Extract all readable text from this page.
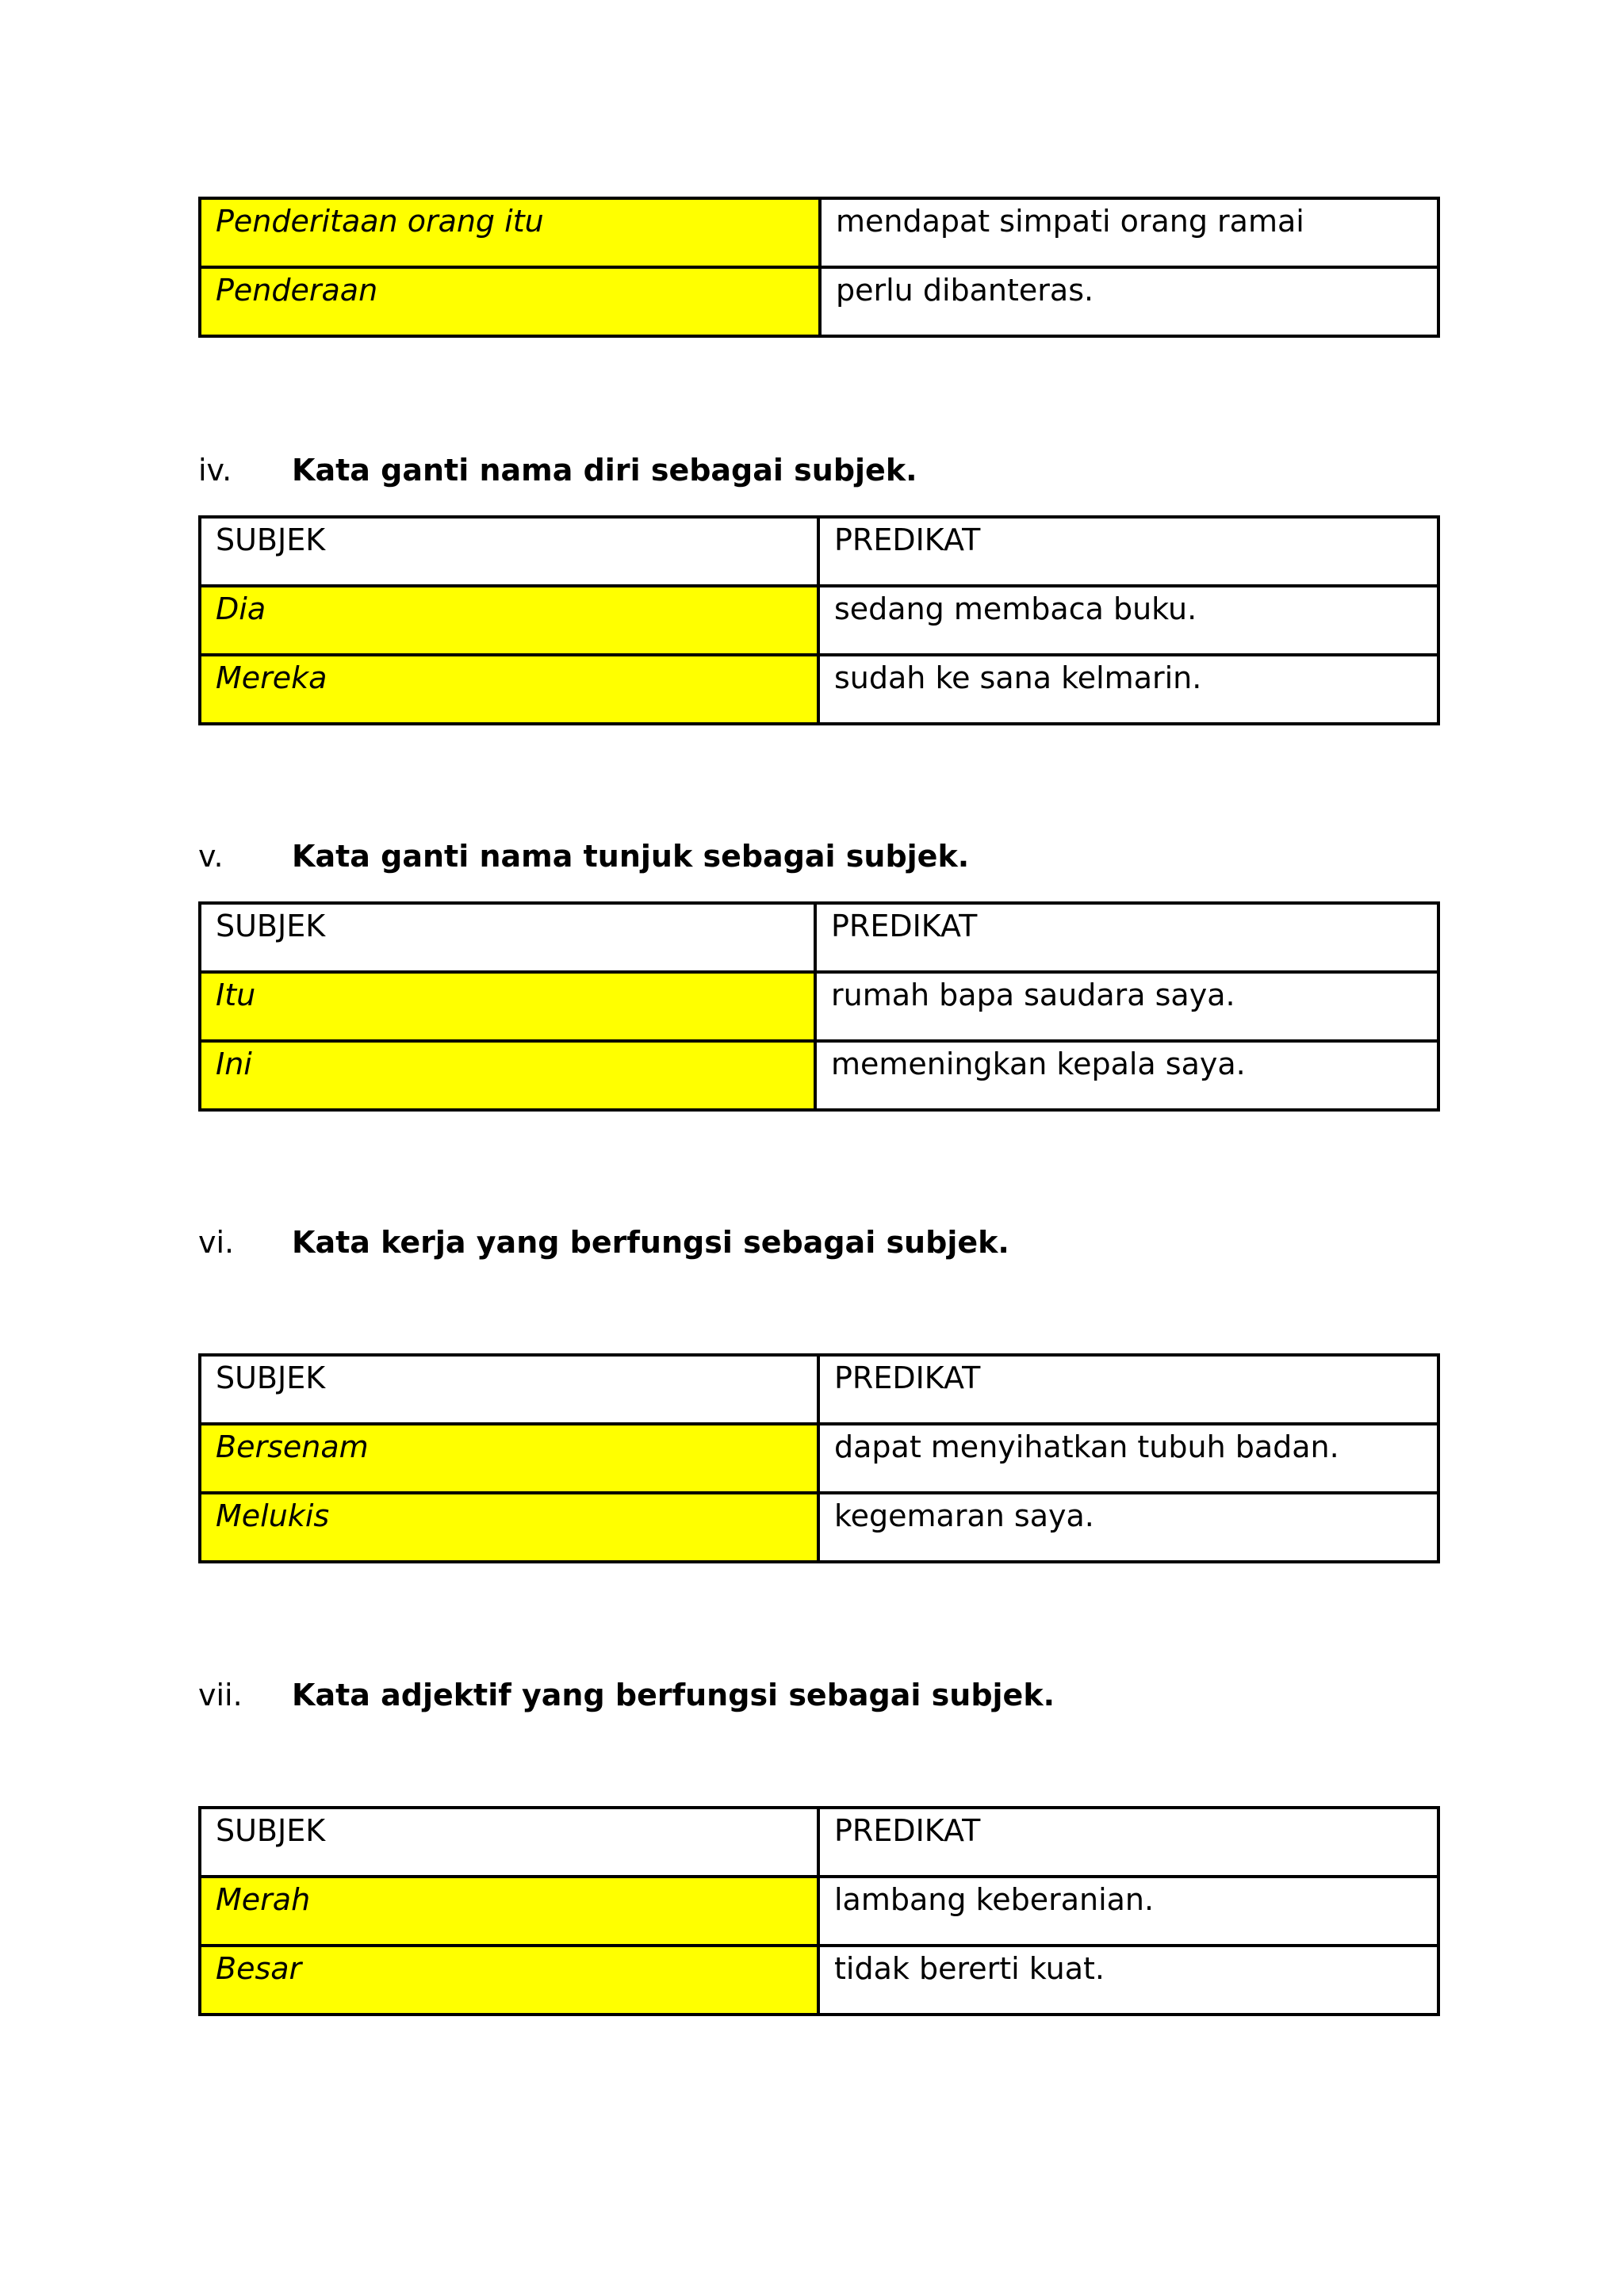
Penderitaan orang itu	mendapat simpati orang ramai
Penderaan	perlu dibanteras.
iv. Kata ganti nama diri sebagai subjek.
SUBJEK	PREDIKAT
Dia	sedang membaca buku.
Mereka	sudah ke sana kelmarin.
v. Kata ganti nama tunjuk sebagai subjek.
SUBJEK	PREDIKAT
Itu	rumah bapa saudara saya.
Ini	memeningkan kepala saya.
vi. Kata kerja yang berfungsi sebagai subjek.
SUBJEK	PREDIKAT
Bersenam	dapat menyihatkan tubuh badan.
Melukis	kegemaran saya.
vii. Kata adjektif yang berfungsi sebagai subjek.
SUBJEK	PREDIKAT
Merah	lambang keberanian.
Besar	tidak bererti kuat.
